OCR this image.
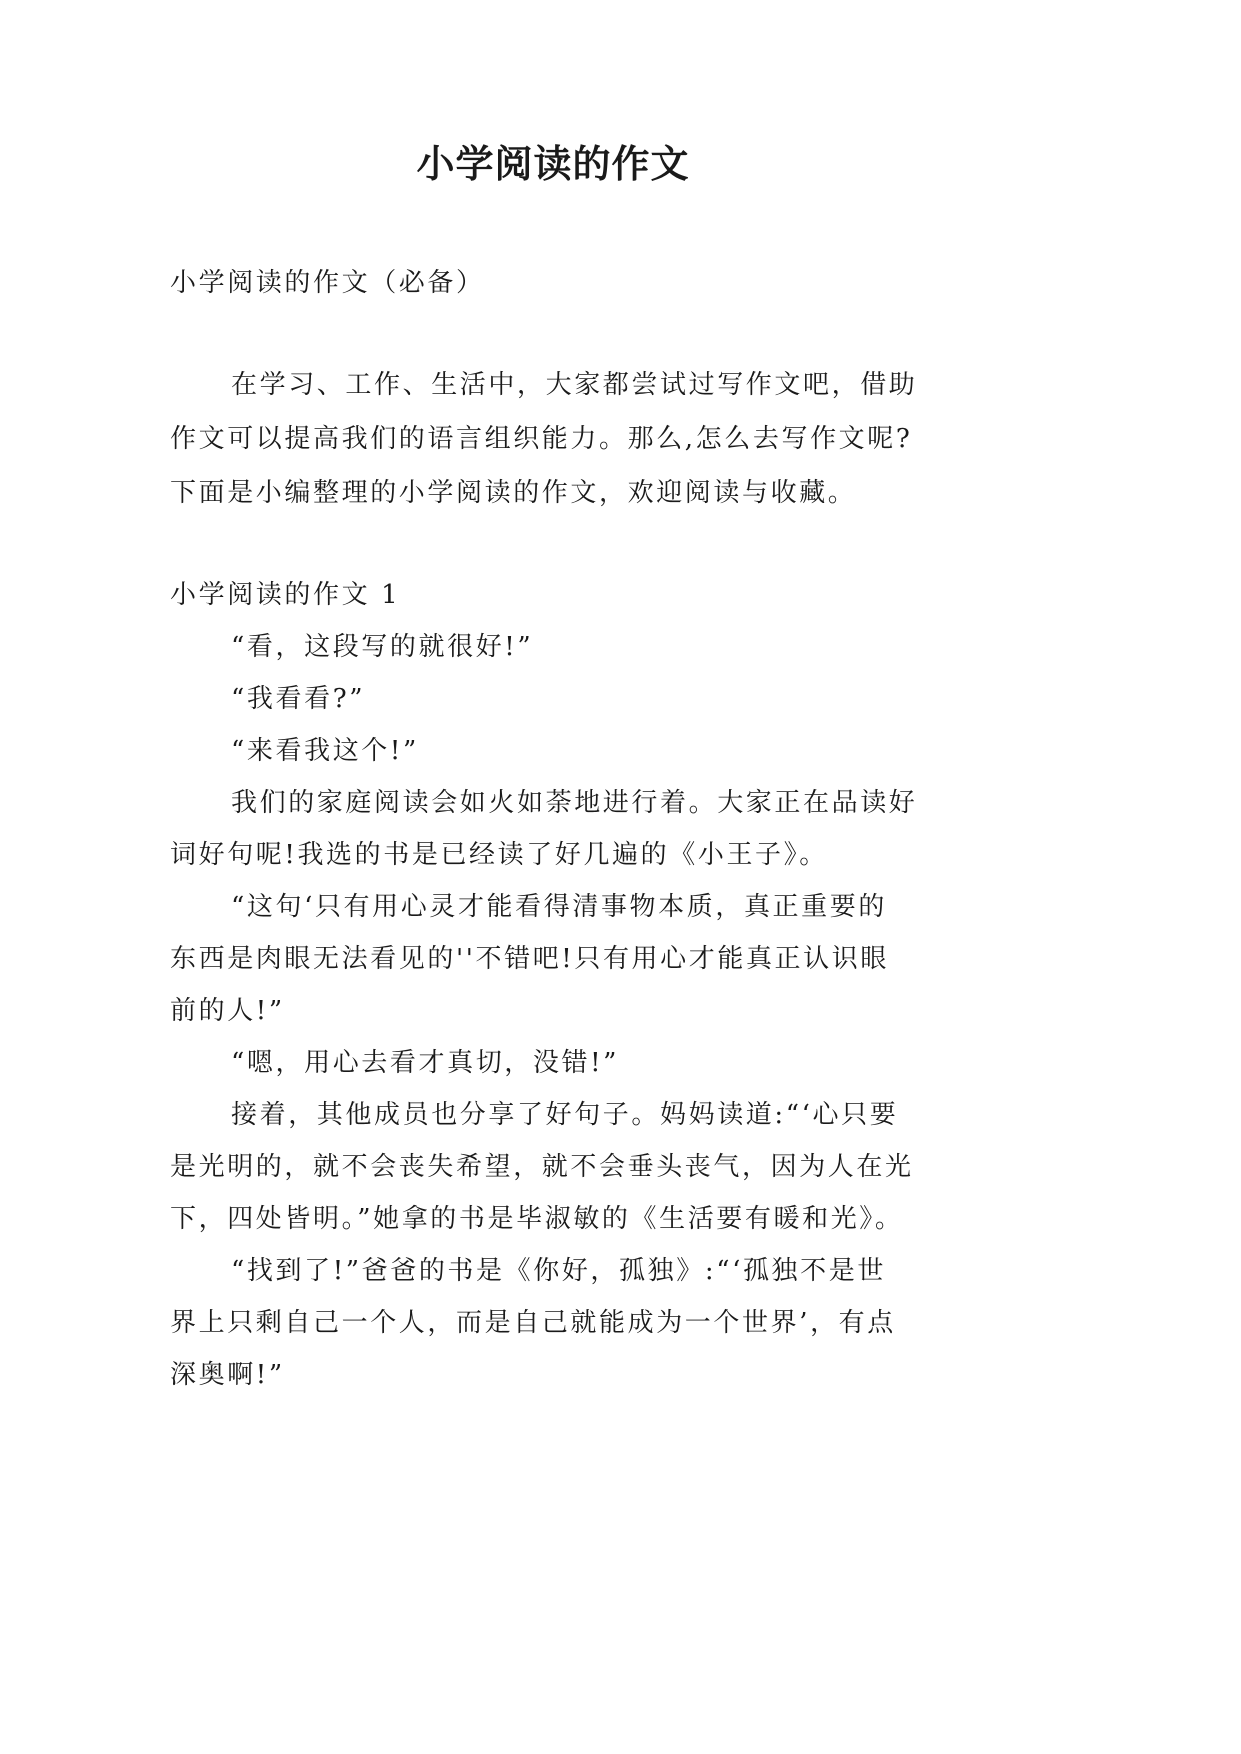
小学阅读的作文
小学阅读的作文（必备）
在学习、工作、生活中，大家都尝试过写作文吧，借助
作文可以提高我们的语言组织能力。那么,怎么去写作文呢?
下面是小编整理的小学阅读的作文，欢迎阅读与收藏。
小学阅读的作文 1
“看，这段写的就很好!”
“我看看?”
“来看我这个!”
我们的家庭阅读会如火如荼地进行着。大家正在品读好
词好句呢!我选的书是已经读了好几遍的《小王子》。
“这句‘只有用心灵才能看得清事物本质，真正重要的
东西是肉眼无法看见的''不错吧!只有用心才能真正认识眼
前的人!”
“嗯，用心去看才真切，没错!”
接着，其他成员也分享了好句子。妈妈读道:“‘心只要
是光明的，就不会丧失希望，就不会垂头丧气，因为人在光
下，四处皆明。”她拿的书是毕淑敏的《生活要有暖和光》。
“找到了!”爸爸的书是《你好，孤独》:“‘孤独不是世
界上只剩自己一个人，而是自己就能成为一个世界’，有点
深奥啊!”
